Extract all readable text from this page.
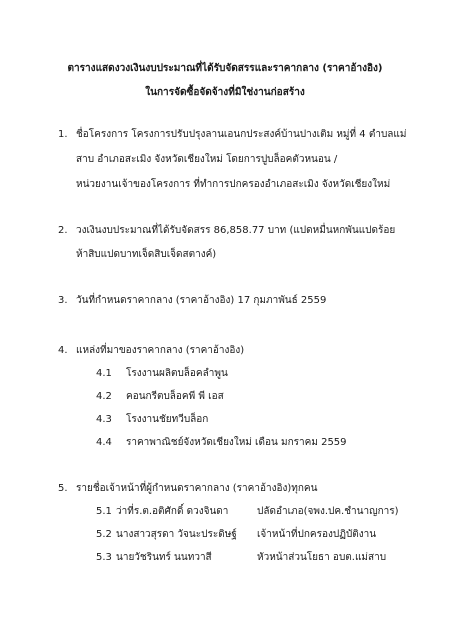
ตารางแสดงวงเงินงบประมาณที่ได้รับจัดสรรและราคากลาง (ราคาอ้างอิง)
ในการจัดซื้อจัดจ้างที่มิใช่งานก่อสร้าง
1. ชื่อโครงการ โครงการปรับปรุงลานเอนกประสงค์บ้านปางเติม หมู่ที่ 4 ตำบลแม่
สาบ อำเภอสะเมิง จังหวัดเชียงใหม่ โดยการปูบล็อคตัวหนอน /
หน่วยงานเจ้าของโครงการ ที่ทำการปกครองอำเภอสะเมิง จังหวัดเชียงใหม่
2. วงเงินงบประมาณที่ได้รับจัดสรร 86,858.77 บาท (แปดหมื่นหกพันแปดร้อย
ห้าสิบแปดบาทเจ็ดสิบเจ็ดสตางค์)
3. วันที่กำหนดราคากลาง (ราคาอ้างอิง) 17 กุมภาพันธ์ 2559
4. แหล่งที่มาของราคากลาง (ราคาอ้างอิง)
4.1 โรงงานผลิตบล็อคลำพูน
4.2 คอนกรีตบล็อคพี พี เอส
4.3 โรงงานชัยทวีบล็อก
4.4 ราคาพาณิชย์จังหวัดเชียงใหม่ เดือน มกราคม 2559
5. รายชื่อเจ้าหน้าที่ผู้กำหนดราคากลาง (ราคาอ้างอิง)ทุกคน
5.1 ว่าที่ร.ต.อติศักดิ์ ดวงจินดา	ปลัดอำเภอ(จพง.ปค.ชำนาญการ)
5.2 นางสาวสุรดา วัจนะประดิษฐ์ เจ้าหน้าที่ปกครองปฏิบัติงาน
5.3 นายวัชรินทร์ นนทวาสี	หัวหน้าส่วนโยธา อบต.แม่สาบ
